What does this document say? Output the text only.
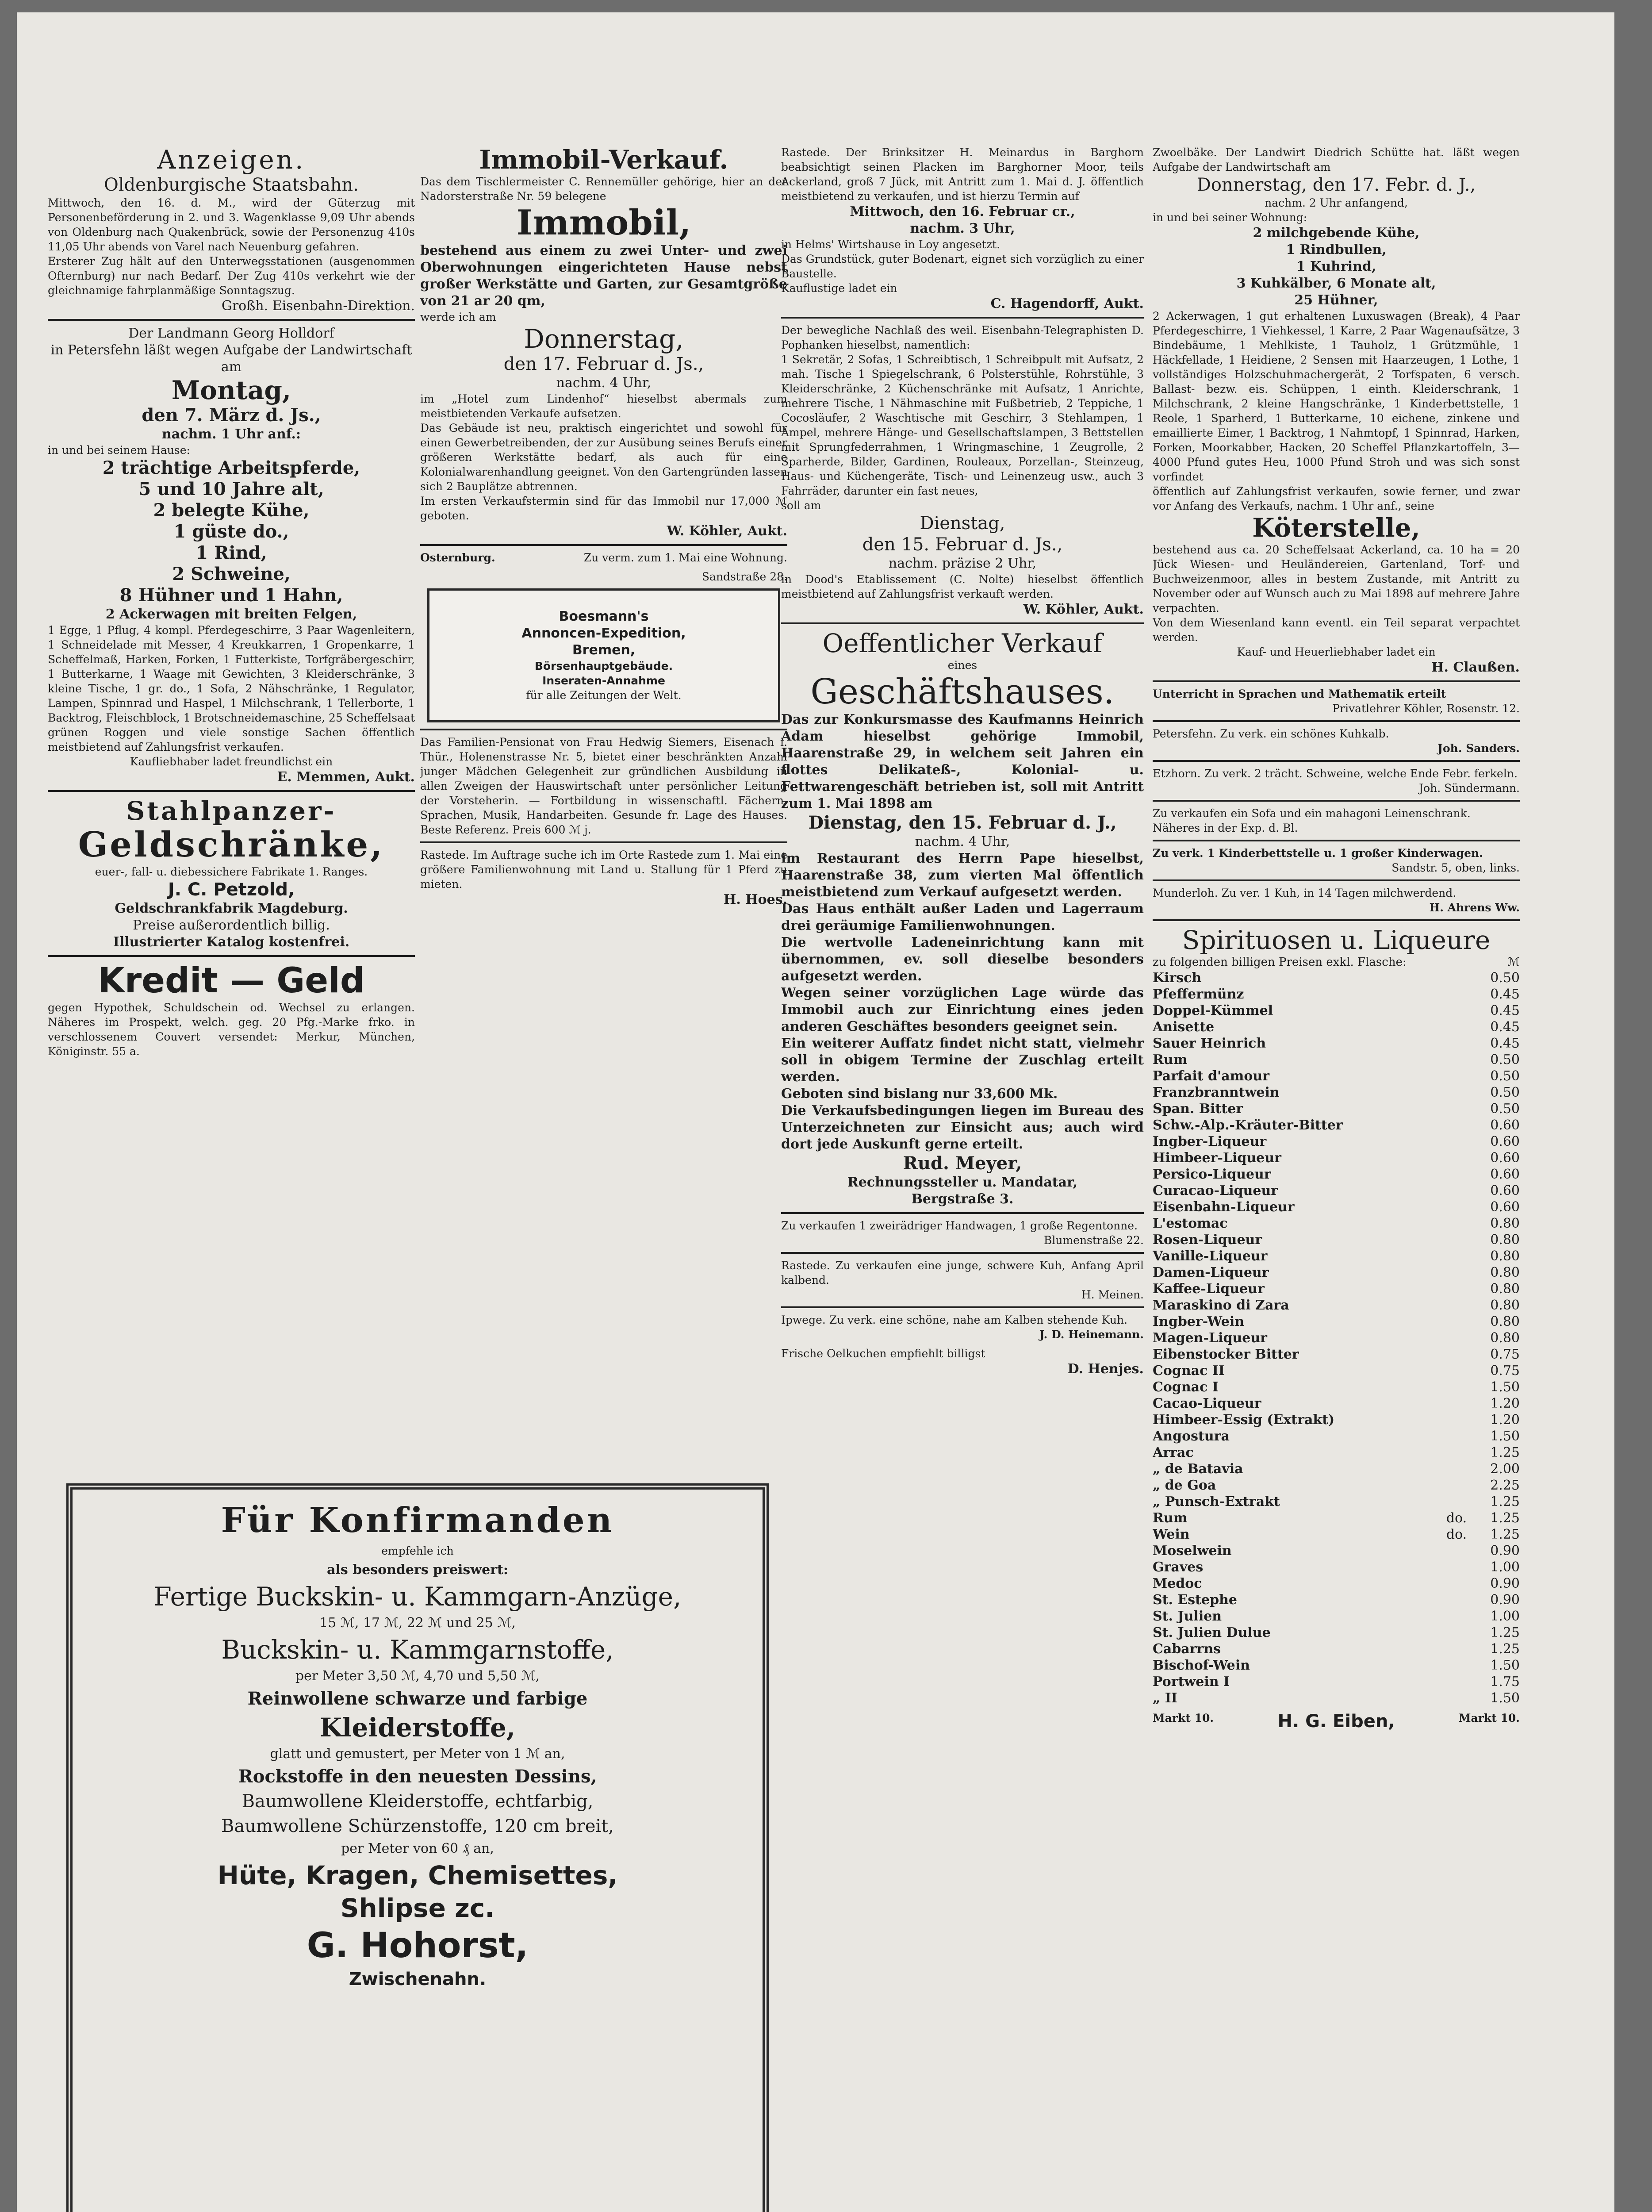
Anzeigen.
Oldenburgische Staatsbahn.
Mittwoch, den 16. d. M., wird der Güterzug mit Personenbeförderung in 2. und 3. Wagenklasse 9,09 Uhr abends von Oldenburg nach Quakenbrück, sowie der Personenzug 410s 11,05 Uhr abends von Varel nach Neuenburg gefahren.
Ersterer Zug hält auf den Unterwegsstationen (ausgenommen Ofternburg) nur nach Bedarf. Der Zug 410s verkehrt wie der gleichnamige fahrplanmäßige Sonntagszug.
Großh. Eisenbahn-Direktion.
Der Landmann Georg Holldorf
in Petersfehn läßt wegen Aufgabe der Landwirtschaft am
Montag,
den 7. März d. Js.,
nachm. 1 Uhr anf.:
in und bei seinem Hause:
2 trächtige Arbeitspferde,
5 und 10 Jahre alt,
2 belegte Kühe,
1 güste do.,
1 Rind,
2 Schweine,
8 Hühner und 1 Hahn,
2 Ackerwagen mit breiten Felgen,
1 Egge, 1 Pflug, 4 kompl. Pferdegeschirre, 3 Paar Wagenleitern, 1 Schneidelade mit Messer, 4 Kreukkarren, 1 Gropenkarre, 1 Scheffelmaß, Harken, Forken, 1 Futterkiste, Torfgräbergeschirr, 1 Butterkarne, 1 Waage mit Gewichten, 3 Kleiderschränke, 3 kleine Tische, 1 gr. do., 1 Sofa, 2 Nähschränke, 1 Regulator, Lampen, Spinnrad und Haspel, 1 Milchschrank, 1 Tellerborte, 1 Backtrog, Fleischblock, 1 Brotschneidemaschine, 25 Scheffelsaat grünen Roggen und viele sonstige Sachen öffentlich meistbietend auf Zahlungsfrist verkaufen.
Kaufliebhaber ladet freundlichst ein
E. Memmen, Aukt.
Stahlpanzer-
Geldschränke,
euer-, fall- u. diebessichere Fabrikate 1. Ranges.
J. C. Petzold,
Geldschrankfabrik Magdeburg.
Preise außerordentlich billig.
Illustrierter Katalog kostenfrei.
Kredit — Geld
gegen Hypothek, Schuldschein od. Wechsel zu erlangen. Näheres im Prospekt, welch. geg. 20 Pfg.-Marke frko. in verschlossenem Couvert versendet: Merkur, München, Königinstr. 55 a.
Immobil-Verkauf.
Das dem Tischlermeister C. Rennemüller gehörige, hier an der Nadorsterstraße Nr. 59 belegene
Immobil,
bestehend aus einem zu zwei Unter- und zwei Oberwohnungen eingerichteten Hause nebst großer Werkstätte und Garten, zur Gesamtgröße von 21 ar 20 qm,
werde ich am
Donnerstag,
den 17. Februar d. Js.,
nachm. 4 Uhr,
im „Hotel zum Lindenhof“ hieselbst abermals zum meistbietenden Verkaufe aufsetzen.
Das Gebäude ist neu, praktisch eingerichtet und sowohl für einen Gewerbetreibenden, der zur Ausübung seines Berufs einer größeren Werkstätte bedarf, als auch für eine Kolonialwarenhandlung geeignet. Von den Gartengründen lassen sich 2 Bauplätze abtrennen.
Im ersten Verkaufstermin sind für das Immobil nur 17,000 ℳ geboten.
W. Köhler, Aukt.
Osternburg.	Zu verm. zum 1. Mai eine Wohnung.
Sandstraße 28.
Boesmann's
Annoncen-Expedition,
Bremen,
Börsenhauptgebäude.
Inseraten-Annahme
für alle Zeitungen der Welt.
Das Familien-Pensionat von Frau Hedwig Siemers, Eisenach i. Thür., Holenenstrasse Nr. 5, bietet einer beschränkten Anzahl junger Mädchen Gelegenheit zur gründlichen Ausbildung in allen Zweigen der Hauswirtschaft unter persönlicher Leitung der Vorsteherin. — Fortbildung in wissenschaftl. Fächern, Sprachen, Musik, Handarbeiten. Gesunde fr. Lage des Hauses. Beste Referenz. Preis 600 ℳ j.
Rastede. Im Auftrage suche ich im Orte Rastede zum 1. Mai eine größere Familienwohnung mit Land u. Stallung für 1 Pferd zu mieten.
H. Hoes.
Rastede. Der Brinksitzer H. Meinardus in Barghorn beabsichtigt seinen Placken im Barghorner Moor, teils Ackerland, groß 7 Jück, mit Antritt zum 1. Mai d. J. öffentlich meistbietend zu verkaufen, und ist hierzu Termin auf
Mittwoch, den 16. Februar cr.,
nachm. 3 Uhr,
in Helms' Wirtshause in Loy angesetzt.
Das Grundstück, guter Bodenart, eignet sich vorzüglich zu einer Baustelle.
Kauflustige ladet ein
C. Hagendorff, Aukt.
Der bewegliche Nachlaß des weil. Eisenbahn-Telegraphisten D. Pophanken hieselbst, namentlich:
1 Sekretär, 2 Sofas, 1 Schreibtisch, 1 Schreibpult mit Aufsatz, 2 mah. Tische 1 Spiegelschrank, 6 Polsterstühle, Rohrstühle, 3 Kleiderschränke, 2 Küchenschränke mit Aufsatz, 1 Anrichte, mehrere Tische, 1 Nähmaschine mit Fußbetrieb, 2 Teppiche, 1 Cocosläufer, 2 Waschtische mit Geschirr, 3 Stehlampen, 1 Ampel, mehrere Hänge- und Gesellschaftslampen, 3 Bettstellen mit Sprungfederrahmen, 1 Wringmaschine, 1 Zeugrolle, 2 Sparherde, Bilder, Gardinen, Rouleaux, Porzellan-, Steinzeug, Haus- und Küchengeräte, Tisch- und Leinenzeug usw., auch 3 Fahrräder, darunter ein fast neues,
soll am
Dienstag,
den 15. Februar d. Js.,
nachm. präzise 2 Uhr,
in Dood's Etablissement (C. Nolte) hieselbst öffentlich meistbietend auf Zahlungsfrist verkauft werden.
W. Köhler, Aukt.
Oeffentlicher Verkauf
eines
Geschäftshauses.
Das zur Konkursmasse des Kaufmanns Heinrich Adam hieselbst gehörige Immobil, Haarenstraße 29, in welchem seit Jahren ein flottes Delikateß-, Kolonial- u. Fettwarengeschäft betrieben ist, soll mit Antritt zum 1. Mai 1898 am
Dienstag, den 15. Februar d. J.,
nachm. 4 Uhr,
im Restaurant des Herrn Pape hieselbst, Haarenstraße 38, zum vierten Mal öffentlich meistbietend zum Verkauf aufgesetzt werden.
Das Haus enthält außer Laden und Lagerraum drei geräumige Familienwohnungen.
Die wertvolle Ladeneinrichtung kann mit übernommen, ev. soll dieselbe besonders aufgesetzt werden.
Wegen seiner vorzüglichen Lage würde das Immobil auch zur Einrichtung eines jeden anderen Geschäftes besonders geeignet sein.
Ein weiterer Auffatz findet nicht statt, vielmehr soll in obigem Termine der Zuschlag erteilt werden.
Geboten sind bislang nur 33,600 Mk.
Die Verkaufsbedingungen liegen im Bureau des Unterzeichneten zur Einsicht aus; auch wird dort jede Auskunft gerne erteilt.
Rud. Meyer,
Rechnungssteller u. Mandatar,
Bergstraße 3.
Zu verkaufen 1 zweirädriger Handwagen, 1 große Regentonne.
Blumenstraße 22.
Rastede. Zu verkaufen eine junge, schwere Kuh, Anfang April kalbend.
H. Meinen.
Ipwege. Zu verk. eine schöne, nahe am Kalben stehende Kuh.
J. D. Heinemann.
Frische Oelkuchen empfiehlt billigst
D. Henjes.
Zwoelbäke. Der Landwirt Diedrich Schütte hat. läßt wegen Aufgabe der Landwirtschaft am
Donnerstag, den 17. Febr. d. J.,
nachm. 2 Uhr anfangend,
in und bei seiner Wohnung:
2 milchgebende Kühe,
1 Rindbullen,
1 Kuhrind,
3 Kuhkälber, 6 Monate alt,
25 Hühner,
2 Ackerwagen, 1 gut erhaltenen Luxuswagen (Break), 4 Paar Pferdegeschirre, 1 Viehkessel, 1 Karre, 2 Paar Wagenaufsätze, 3 Bindebäume, 1 Mehlkiste, 1 Tauholz, 1 Grützmühle, 1 Häckfellade, 1 Heidiene, 2 Sensen mit Haarzeugen, 1 Lothe, 1 vollständiges Holzschuhmachergerät, 2 Torfspaten, 6 versch. Ballast- bezw. eis. Schüppen, 1 einth. Kleiderschrank, 1 Milchschrank, 2 kleine Hangschränke, 1 Kinderbettstelle, 1 Reole, 1 Sparherd, 1 Butterkarne, 10 eichene, zinkene und emaillierte Eimer, 1 Backtrog, 1 Nahmtopf, 1 Spinnrad, Harken, Forken, Moorkabber, Hacken, 20 Scheffel Pflanzkartoffeln, 3—4000 Pfund gutes Heu, 1000 Pfund Stroh und was sich sonst vorfindet
öffentlich auf Zahlungsfrist verkaufen, sowie ferner, und zwar vor Anfang des Verkaufs, nachm. 1 Uhr anf., seine
Köterstelle,
bestehend aus ca. 20 Scheffelsaat Ackerland, ca. 10 ha = 20 Jück Wiesen- und Heuländereien, Gartenland, Torf- und Buchweizenmoor, alles in bestem Zustande, mit Antritt zu November oder auf Wunsch auch zu Mai 1898 auf mehrere Jahre verpachten.
Von dem Wiesenland kann eventl. ein Teil separat verpachtet werden.
Kauf- und Heuerliebhaber ladet ein
H. Claußen.
Unterricht in Sprachen und Mathematik erteilt
Privatlehrer Köhler, Rosenstr. 12.
Petersfehn. Zu verk. ein schönes Kuhkalb.
Joh. Sanders.
Etzhorn. Zu verk. 2 trächt. Schweine, welche Ende Febr. ferkeln.
Joh. Sündermann.
Zu verkaufen ein Sofa und ein mahagoni Leinenschrank. Näheres in der Exp. d. Bl.
Zu verk. 1 Kinderbettstelle u. 1 großer Kinderwagen.
Sandstr. 5, oben, links.
Munderloh. Zu ver. 1 Kuh, in 14 Tagen milchwerdend.
H. Ahrens Ww.
Spirituosen u. Liqueure
zu folgenden billigen Preisen exkl. Flasche:	ℳ
Kirsch	0.50
Pfeffermünz	0.45
Doppel-Kümmel	0.45
Anisette	0.45
Sauer Heinrich	0.45
Rum	0.50
Parfait d'amour	0.50
Franzbranntwein	0.50
Span. Bitter	0.50
Schw.-Alp.-Kräuter-Bitter	0.60
Ingber-Liqueur	0.60
Himbeer-Liqueur	0.60
Persico-Liqueur	0.60
Curacao-Liqueur	0.60
Eisenbahn-Liqueur	0.60
L'estomac	0.80
Rosen-Liqueur	0.80
Vanille-Liqueur	0.80
Damen-Liqueur	0.80
Kaffee-Liqueur	0.80
Maraskino di Zara	0.80
Ingber-Wein	0.80
Magen-Liqueur	0.80
Eibenstocker Bitter	0.75
Cognac II	0.75
Cognac I	1.50
Cacao-Liqueur	1.20
Himbeer-Essig (Extrakt)	1.20
Angostura	1.50
Arrac	1.25
„ de Batavia	2.00
„ de Goa	2.25
„ Punsch-Extrakt	1.25
Rum	do.	1.25
Wein	do.	1.25
Moselwein	0.90
Graves	1.00
Medoc	0.90
St. Estephe	0.90
St. Julien	1.00
St. Julien Dulue	1.25
Cabarrns	1.25
Bischof-Wein	1.50
Portwein I	1.75
„ II	1.50
Markt 10.	H. G. Eiben,	Markt 10.
Für Konfirmanden
empfehle ich
als besonders preiswert:
Fertige Buckskin- u. Kammgarn-Anzüge,
15 ℳ, 17 ℳ, 22 ℳ und 25 ℳ,
Buckskin- u. Kammgarnstoffe,
per Meter 3,50 ℳ, 4,70 und 5,50 ℳ,
Reinwollene schwarze und farbige
Kleiderstoffe,
glatt und gemustert, per Meter von 1 ℳ an,
Rockstoffe in den neuesten Dessins,
Baumwollene Kleiderstoffe, echtfarbig,
Baumwollene Schürzenstoffe, 120 cm breit,
per Meter von 60 ₰ an,
Hüte, Kragen, Chemisettes,
Shlipse zc.
G. Hohorst,
Zwischenahn.
